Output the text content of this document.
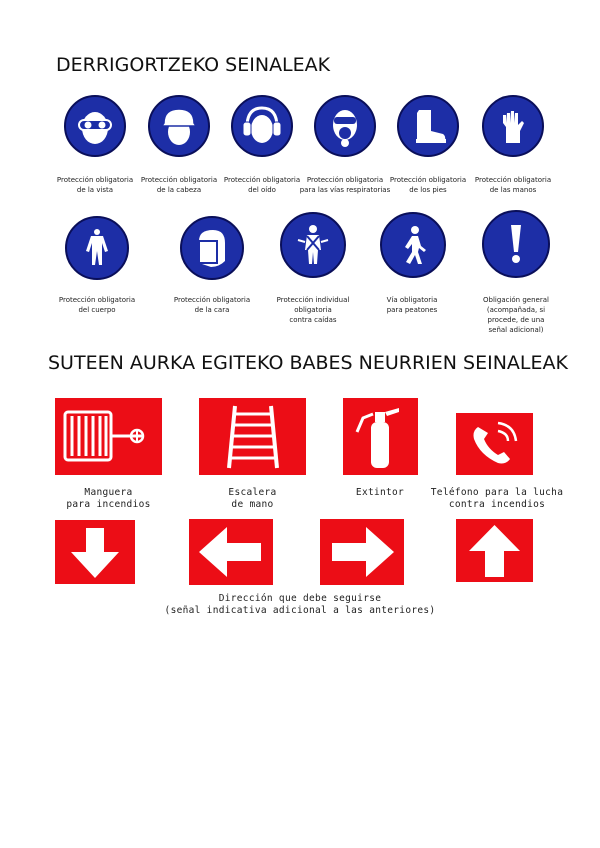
DERRIGORTZEKO SEINALEAK
Protección obligatoria
de la vista
Protección obligatoria
de la cabeza
Protección obligatoria
del oído
Protección obligatoria
para las vías respiratorias
Protección obligatoria
de los pies
Protección obligatoria
de las manos
Protección obligatoria
del cuerpo
Protección obligatoria
de la cara
Protección individual
obligatoria
contra caídas
Vía obligatoria
para peatones
Obligación general
(acompañada, si
procede, de una
señal adicional)
SUTEEN AURKA EGITEKO BABES NEURRIEN SEINALEAK
Manguera
para incendios
Escalera
de mano
Extintor	Teléfono para la lucha
contra incendios
Dirección que debe seguirse
(señal indicativa adicional a las anteriores)
